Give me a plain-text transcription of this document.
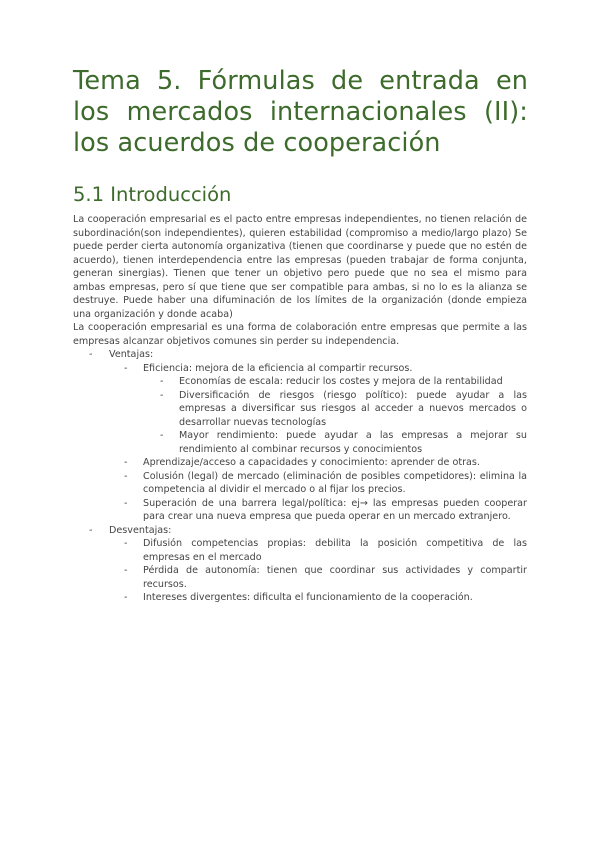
Tema 5. Fórmulas de entrada en los mercados internacionales (II): los acuerdos de cooperación
5.1 Introducción

La cooperación empresarial es el pacto entre empresas independientes, no tienen relación de subordinación(son independientes), quieren estabilidad (compromiso a medio/largo plazo) Se puede perder cierta autonomía organizativa (tienen que coordinarse y puede que no estén de acuerdo), tienen interdependencia entre las empresas (pueden trabajar de forma conjunta, generan sinergias). Tienen que tener un objetivo pero puede que no sea el mismo para ambas empresas, pero sí que tiene que ser compatible para ambas, si no lo es la alianza se destruye. Puede haber una difuminación de los límites de la organización (donde empieza una organización y donde acaba)

La cooperación empresarial es una forma de colaboración entre empresas que permite a las empresas alcanzar objetivos comunes sin perder su independencia.

- Ventajas:
- Eficiencia: mejora de la eficiencia al compartir recursos.
- Economías de escala: reducir los costes y mejora de la rentabilidad
- Diversificación de riesgos (riesgo político): puede ayudar a las empresas a diversificar sus riesgos al acceder a nuevos mercados o desarrollar nuevas tecnologías
- Mayor rendimiento: puede ayudar a las empresas a mejorar su rendimiento al combinar recursos y conocimientos
- Aprendizaje/acceso a capacidades y conocimiento: aprender de otras.
- Colusión (legal) de mercado (eliminación de posibles competidores): elimina la competencia al dividir el mercado o al fijar los precios.
- Superación de una barrera legal/política: ej→ las empresas pueden cooperar para crear una nueva empresa que pueda operar en un mercado extranjero.
- Desventajas:
- Difusión competencias propias: debilita la posición competitiva de las empresas en el mercado
- Pérdida de autonomía: tienen que coordinar sus actividades y compartir recursos.
- Intereses divergentes: dificulta el funcionamiento de la cooperación.
